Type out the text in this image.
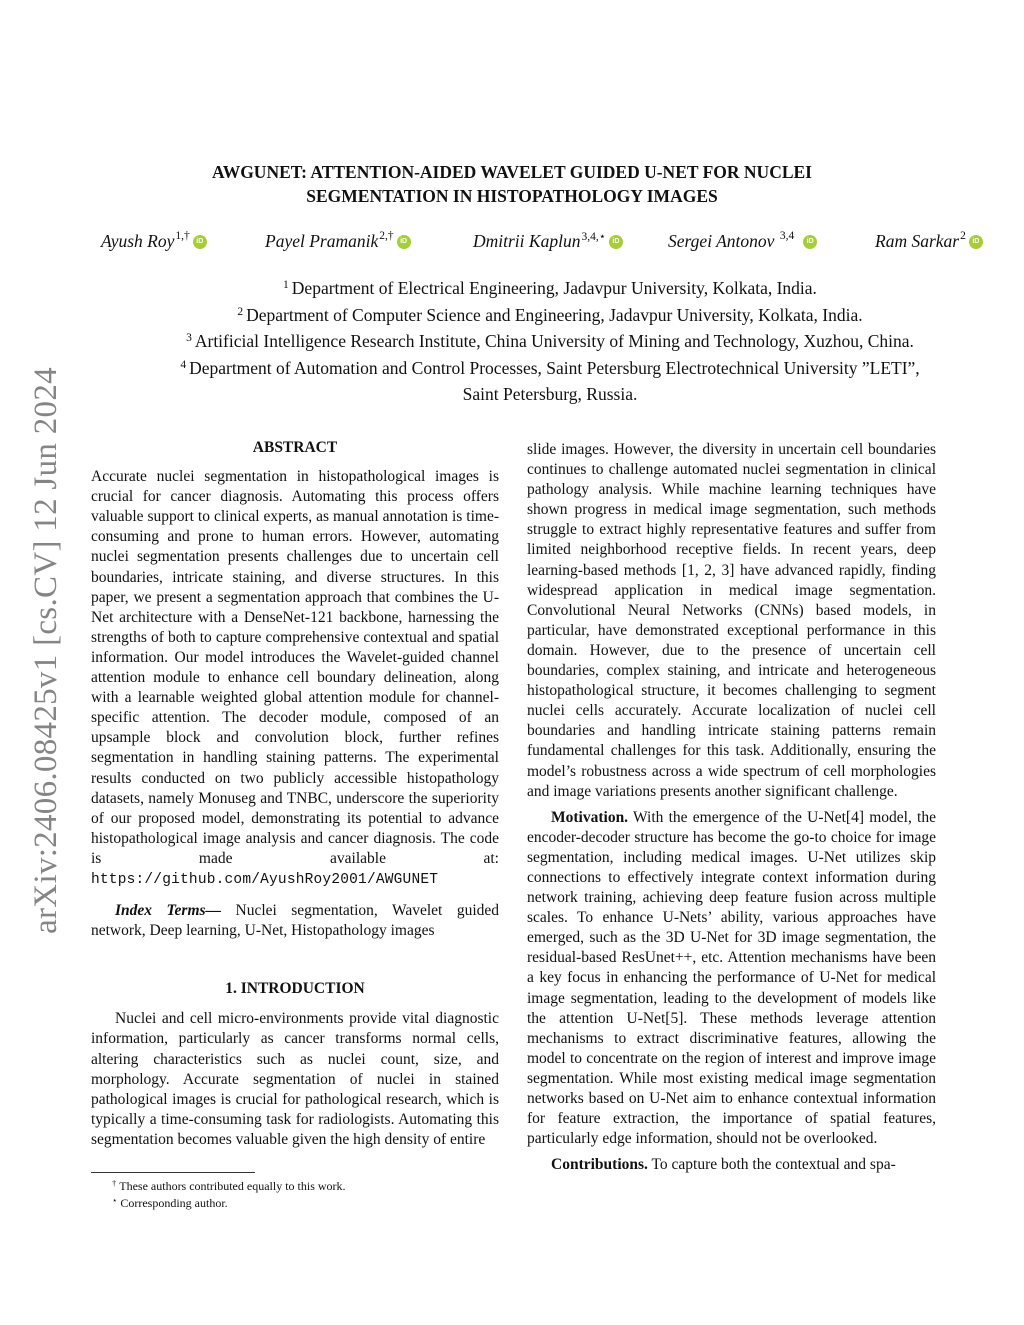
arXiv:2406.08425v1 [cs.CV] 12 Jun 2024
AWGUNET: ATTENTION-AIDED WAVELET GUIDED U-NET FOR NUCLEI
SEGMENTATION IN HISTOPATHOLOGY IMAGES
Ayush Roy$^{1,\dagger}$ iD	Payel Pramanik$^{2,\dagger}$ iD	Dmitrii Kaplun$^{3,4,⋆}$ iD	Sergei Antonov $^{3,4}$	iD	Ram Sarkar$^2$ iD
$^1$ Department of Electrical Engineering, Jadavpur University, Kolkata, India.
$^2$ Department of Computer Science and Engineering, Jadavpur University, Kolkata, India.
$^3$ Artificial Intelligence Research Institute, China University of Mining and Technology, Xuzhou, China.
$^4$ Department of Automation and Control Processes, Saint Petersburg Electrotechnical University ”LETI”,
Saint Petersburg, Russia.
ABSTRACT

Accurate nuclei segmentation in histopathological images is crucial for cancer diagnosis. Automating this process offers valuable support to clinical experts, as manual annotation is time-consuming and prone to human errors. However, automating nuclei segmentation presents challenges due to uncertain cell boundaries, intricate staining, and diverse structures. In this paper, we present a segmentation approach that combines the U-Net architecture with a DenseNet-121 backbone, harnessing the strengths of both to capture comprehensive contextual and spatial information. Our model introduces the Wavelet-guided channel attention module to enhance cell boundary delineation, along with a learnable weighted global attention module for channel-specific attention. The decoder module, composed of an upsample block and convolution block, further refines segmentation in handling staining patterns. The experimental results conducted on two publicly accessible histopathology datasets, namely Monuseg and TNBC, underscore the superiority of our proposed model, demonstrating its potential to advance histopathological image analysis and cancer diagnosis. The code is made available at: https://github.com/AyushRoy2001/AWGUNET

Index Terms— Nuclei segmentation, Wavelet guided network, Deep learning, U-Net, Histopathology images

1. INTRODUCTION

Nuclei and cell micro-environments provide vital diagnostic information, particularly as cancer transforms normal cells, altering characteristics such as nuclei count, size, and morphology. Accurate segmentation of nuclei in stained pathological images is crucial for pathological research, which is typically a time-consuming task for radiologists. Automating this segmentation becomes valuable given the high density of entire

slide images. However, the diversity in uncertain cell boundaries continues to challenge automated nuclei segmentation in clinical pathology analysis. While machine learning techniques have shown progress in medical image segmentation, such methods struggle to extract highly representative features and suffer from limited neighborhood receptive fields. In recent years, deep learning-based methods [1, 2, 3] have advanced rapidly, finding widespread application in medical image segmentation. Convolutional Neural Networks (CNNs) based models, in particular, have demonstrated exceptional performance in this domain. However, due to the presence of uncertain cell boundaries, complex staining, and intricate and heterogeneous histopathological structure, it becomes challenging to segment nuclei cells accurately. Accurate localization of nuclei cell boundaries and handling intricate staining patterns remain fundamental challenges for this task. Additionally, ensuring the model’s robustness across a wide spectrum of cell morphologies and image variations presents another significant challenge.

Motivation. With the emergence of the U-Net[4] model, the encoder-decoder structure has become the go-to choice for image segmentation, including medical images. U-Net utilizes skip connections to effectively integrate context information during network training, achieving deep feature fusion across multiple scales. To enhance U-Nets’ ability, various approaches have emerged, such as the 3D U-Net for 3D image segmentation, the residual-based ResUnet++, etc. Attention mechanisms have been a key focus in enhancing the performance of U-Net for medical image segmentation, leading to the development of models like the attention U-Net[5]. These methods leverage attention mechanisms to extract discriminative features, allowing the model to concentrate on the region of interest and improve image segmentation. While most existing medical image segmentation networks based on U-Net aim to enhance contextual information for feature extraction, the importance of spatial features, particularly edge information, should not be overlooked.

Contributions. To capture both the contextual and spa-

† These authors contributed equally to this work.
⋆ Corresponding author.
